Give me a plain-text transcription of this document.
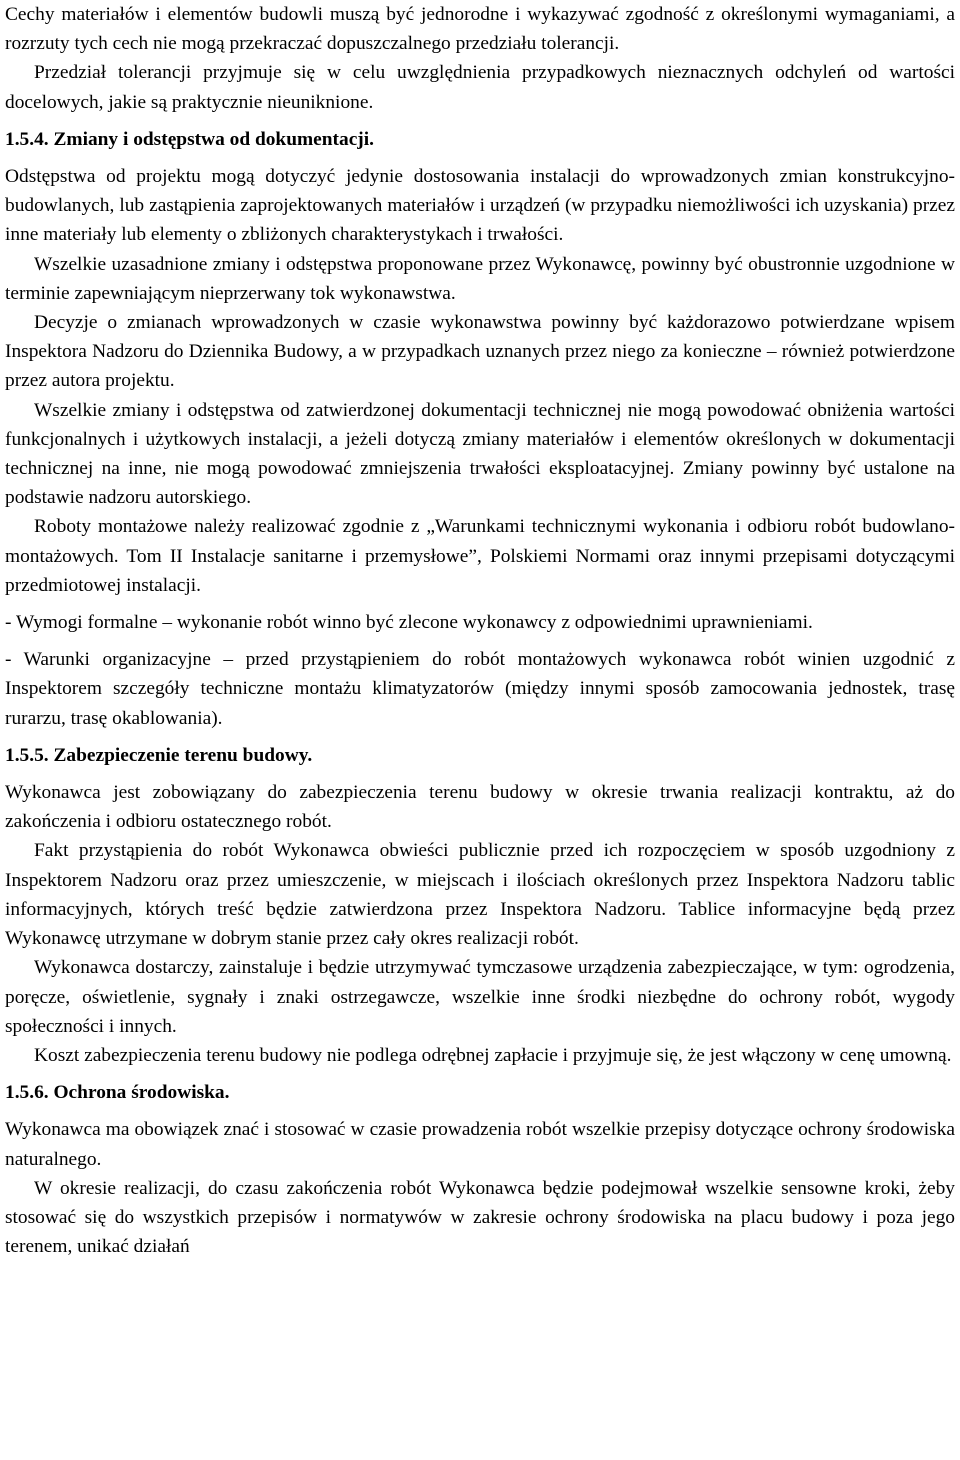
Cechy materiałów i elementów budowli muszą być jednorodne i wykazywać zgodność z określonymi wymaganiami, a rozrzuty tych cech nie mogą przekraczać dopuszczalnego przedziału tolerancji.

Przedział tolerancji przyjmuje się w celu uwzględnienia przypadkowych nieznacznych odchyleń od wartości docelowych, jakie są praktycznie nieuniknione.

1.5.4. Zmiany i odstępstwa od dokumentacji.

Odstępstwa od projektu mogą dotyczyć jedynie dostosowania instalacji do wprowadzonych zmian konstrukcyjno-budowlanych, lub zastąpienia zaprojektowanych materiałów i urządzeń (w przypadku niemożliwości ich uzyskania) przez inne materiały lub elementy o zbliżonych charakterystykach i trwałości.

Wszelkie uzasadnione zmiany i odstępstwa proponowane przez Wykonawcę, powinny być obustronnie uzgodnione w terminie zapewniającym nieprzerwany tok wykonawstwa.

Decyzje o zmianach wprowadzonych w czasie wykonawstwa powinny być każdorazowo potwierdzane wpisem Inspektora Nadzoru do Dziennika Budowy, a w przypadkach uznanych przez niego za konieczne – również potwierdzone przez autora projektu.

Wszelkie zmiany i odstępstwa od zatwierdzonej dokumentacji technicznej nie mogą powodować obniżenia wartości funkcjonalnych i użytkowych instalacji, a jeżeli dotyczą zmiany materiałów i elementów określonych w dokumentacji technicznej na inne, nie mogą powodować zmniejszenia trwałości eksploatacyjnej. Zmiany powinny być ustalone na podstawie nadzoru autorskiego.

Roboty montażowe należy realizować zgodnie z „Warunkami technicznymi wykonania i odbioru robót budowlano-montażowych. Tom II Instalacje sanitarne i przemysłowe”, Polskiemi Normami oraz innymi przepisami dotyczącymi przedmiotowej instalacji.

- Wymogi formalne – wykonanie robót winno być zlecone wykonawcy z odpowiednimi uprawnieniami.

- Warunki organizacyjne – przed przystąpieniem do robót montażowych wykonawca robót winien uzgodnić z Inspektorem szczegóły techniczne montażu klimatyzatorów (między innymi sposób zamocowania jednostek, trasę rurarzu, trasę okablowania).

1.5.5. Zabezpieczenie terenu budowy.

Wykonawca jest zobowiązany do zabezpieczenia terenu budowy w okresie trwania realizacji kontraktu, aż do zakończenia i odbioru ostatecznego robót.

Fakt przystąpienia do robót Wykonawca obwieści publicznie przed ich rozpoczęciem w sposób uzgodniony z Inspektorem Nadzoru oraz przez umieszczenie, w miejscach i ilościach określonych przez Inspektora Nadzoru tablic informacyjnych, których treść będzie zatwierdzona przez Inspektora Nadzoru. Tablice informacyjne będą przez Wykonawcę utrzymane w dobrym stanie przez cały okres realizacji robót.

Wykonawca dostarczy, zainstaluje i będzie utrzymywać tymczasowe urządzenia zabezpieczające, w tym: ogrodzenia, poręcze, oświetlenie, sygnały i znaki ostrzegawcze, wszelkie inne środki niezbędne do ochrony robót, wygody społeczności i innych.

Koszt zabezpieczenia terenu budowy nie podlega odrębnej zapłacie i przyjmuje się, że jest włączony w cenę umowną.

1.5.6. Ochrona środowiska.

Wykonawca ma obowiązek znać i stosować w czasie prowadzenia robót wszelkie przepisy dotyczące ochrony środowiska naturalnego.

W okresie realizacji, do czasu zakończenia robót Wykonawca będzie podejmował wszelkie sensowne kroki, żeby stosować się do wszystkich przepisów i normatywów w zakresie ochrony środowiska na placu budowy i poza jego terenem, unikać działań
